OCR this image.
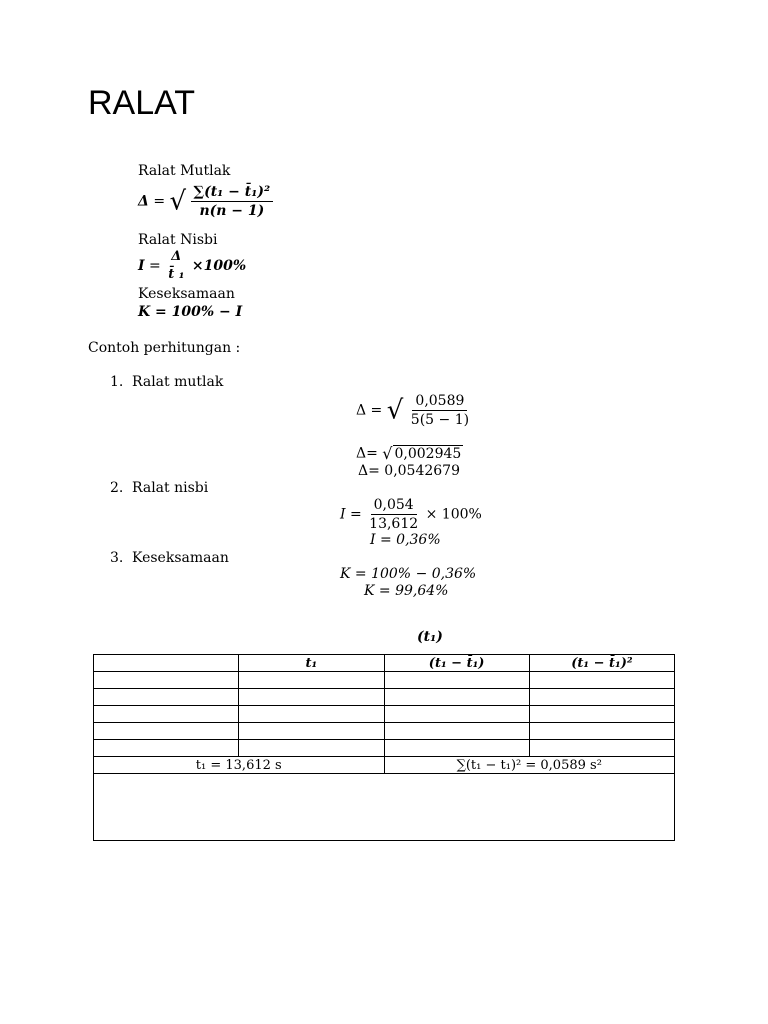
RALAT
Ralat Mutlak
Δ = √ $\frac{\text{∑(t₁ − t̄₁)²}}{n(n - 1)}$
Ralat Nisbi
I =
Δ
t̄ ₁
×100%
Keseksamaan
K = 100% − I
Contoh perhitungan :
1. Ralat mutlak
2. Ralat nisbi
3. Keseksamaan
Δ = √ $\frac{0,0589}{5(5 - 1)}$
Δ= √ 0,002945
Δ= 0,0542679
$I = \frac{0,054}{13,612} \times 100\%$
I = 0,36%
K = 100% − 0,36%
K = 99,64%
(t₁)
	t₁	(t₁ − t̄₁)	(t₁ − t̄₁)²

t̄₁ = 13,612 s		∑(t₁ − t̄₁)² = 0,0589 s²	
